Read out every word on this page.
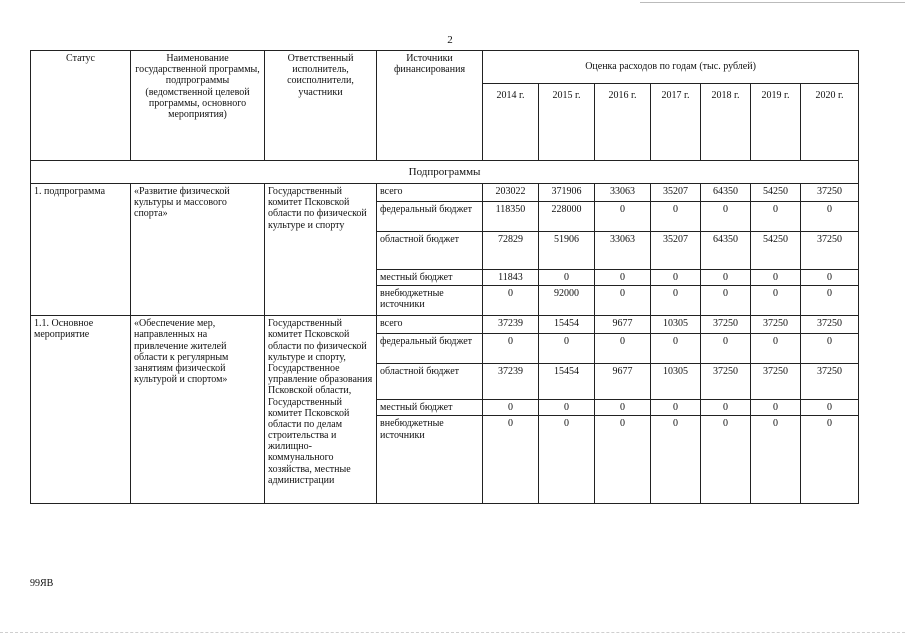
2
Статус	Наименование государственной программы, подпрограммы (ведомственной целевой программы, основного мероприятия)	Ответственный исполнитель, соисполнители, участники	Источники финансирования	Оценка расходов по годам (тыс. рублей)						
				2014 г.	2015 г.	2016 г.	2017 г.	2018 г.	2019 г.	2020 г.
Подпрограммы										
1. подпрограмма	«Развитие физической культуры и массового спорта»	Государственный комитет Псковской области по физической культуре и спорту	всего	203022	371906	33063	35207	64350	54250	37250
			федеральный бюджет	118350	228000	0	0	0	0	0
			областной бюджет	72829	51906	33063	35207	64350	54250	37250
			местный бюджет	11843	0	0	0	0	0	0
			внебюджетные источники	0	92000	0	0	0	0	0
1.1. Основное мероприятие	«Обеспечение мер, направленных на привлечение жителей области к регулярным занятиям физической культурой и спортом»	Государственный комитет Псковской области по физической культуре и спорту, Государственное управление образования Псковской области, Государственный комитет Псковской области по делам строительства и жилищно-коммунального хозяйства, местные администрации	всего	37239	15454	9677	10305	37250	37250	37250
			федеральный бюджет	0	0	0	0	0	0	0
			областной бюджет	37239	15454	9677	10305	37250	37250	37250
			местный бюджет	0	0	0	0	0	0	0
			внебюджетные источники	0	0	0	0	0	0	0
99ЯВ
